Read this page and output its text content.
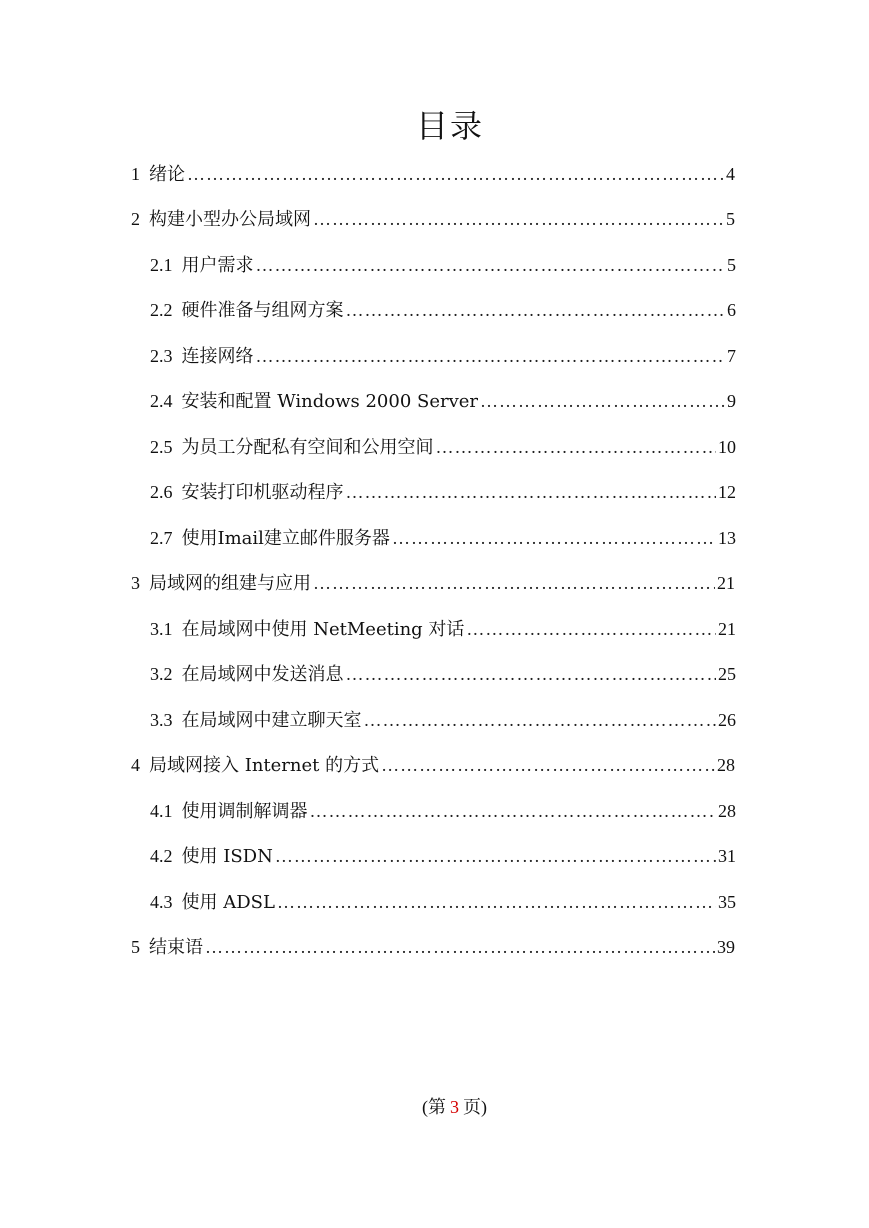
目录
1 绪论 …………………………………………………………………………………………………………………………………………………………	4
2 构建小型办公局域网 …………………………………………………………………………………………………………………………………………………………	5
2.1 用户需求 …………………………………………………………………………………………………………………………………………………………	5
2.2 硬件准备与组网方案 …………………………………………………………………………………………………………………………………………………………	6
2.3 连接网络 …………………………………………………………………………………………………………………………………………………………	7
2.4 安装和配置 Windows 2000 Server …………………………………………………………………………………………………………………………………………………………	9
2.5 为员工分配私有空间和公用空间 …………………………………………………………………………………………………………………………………………………………	10
2.6 安装打印机驱动程序 …………………………………………………………………………………………………………………………………………………………	12
2.7 使用Imail建立邮件服务器 …………………………………………………………………………………………………………………………………………………………	13
3 局域网的组建与应用 …………………………………………………………………………………………………………………………………………………………	21
3.1 在局域网中使用 NetMeeting 对话 …………………………………………………………………………………………………………………………………………………………	21
3.2 在局域网中发送消息 …………………………………………………………………………………………………………………………………………………………	25
3.3 在局域网中建立聊天室 …………………………………………………………………………………………………………………………………………………………	26
4 局域网接入 Internet 的方式 …………………………………………………………………………………………………………………………………………………………	28
4.1 使用调制解调器 …………………………………………………………………………………………………………………………………………………………	28
4.2 使用 ISDN …………………………………………………………………………………………………………………………………………………………	31
4.3 使用 ADSL …………………………………………………………………………………………………………………………………………………………	35
5 结束语 …………………………………………………………………………………………………………………………………………………………	39
(第 3 页)
